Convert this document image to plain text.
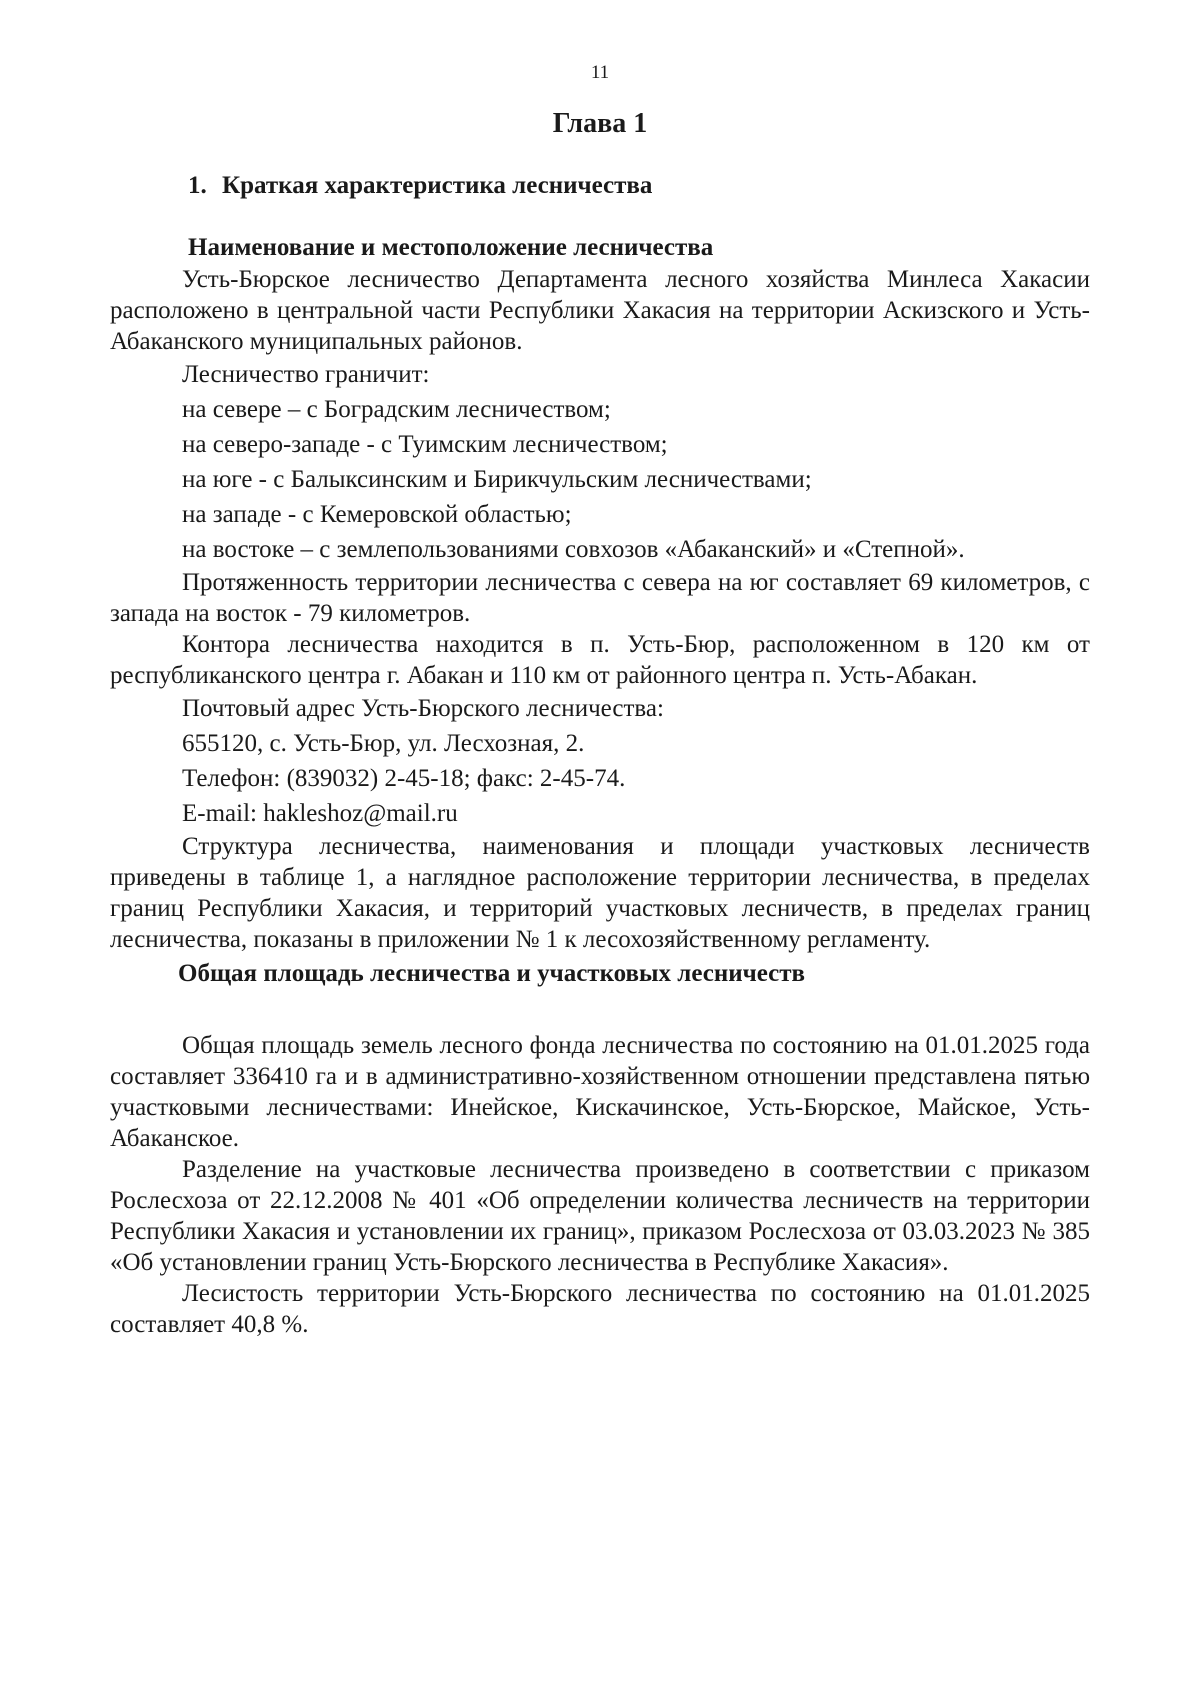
11
Глава 1
1. Краткая характеристика лесничества
Наименование и местоположение лесничества

Усть-Бюрское лесничество Департамента лесного хозяйства Минлеса Хакасии расположено в центральной части Республики Хакасия на территории Аскизского и Усть-Абаканского муниципальных районов.

Лесничество граничит:

на севере – с Боградским лесничеством;

на северо-западе - с Туимским лесничеством;

на юге - с Балыксинским и Бирикчульским лесничествами;

на западе - с Кемеровской областью;

на востоке – с землепользованиями совхозов «Абаканский» и «Степной».

Протяженность территории лесничества с севера на юг составляет 69 километров, с запада на восток - 79 километров.

Контора лесничества находится в п. Усть-Бюр, расположенном в 120 км от республиканского центра г. Абакан и 110 км от районного центра п. Усть-Абакан.

Почтовый адрес Усть-Бюрского лесничества:

655120, с. Усть-Бюр, ул. Лесхозная, 2.

Телефон: (839032) 2-45-18; факс: 2-45-74.

E-mail: hakleshoz@mail.ru

Структура лесничества, наименования и площади участковых лесничеств приведены в таблице 1, а наглядное расположение территории лесничества, в пределах границ Республики Хакасия, и территорий участковых лесничеств, в пределах границ лесничества, показаны в приложении № 1 к лесохозяйственному регламенту.

Общая площадь лесничества и участковых лесничеств

Общая площадь земель лесного фонда лесничества по состоянию на 01.01.2025 года составляет 336410 га и в административно-хозяйственном отношении представлена пятью участковыми лесничествами: Инейское, Кискачинское, Усть-Бюрское, Майское, Усть-Абаканское.

Разделение на участковые лесничества произведено в соответствии с приказом Рослесхоза от 22.12.2008 № 401 «Об определении количества лесничеств на территории Республики Хакасия и установлении их границ», приказом Рослесхоза от 03.03.2023 № 385 «Об установлении границ Усть-Бюрского лесничества в Республике Хакасия».

Лесистость территории Усть-Бюрского лесничества по состоянию на 01.01.2025 составляет 40,8 %.
